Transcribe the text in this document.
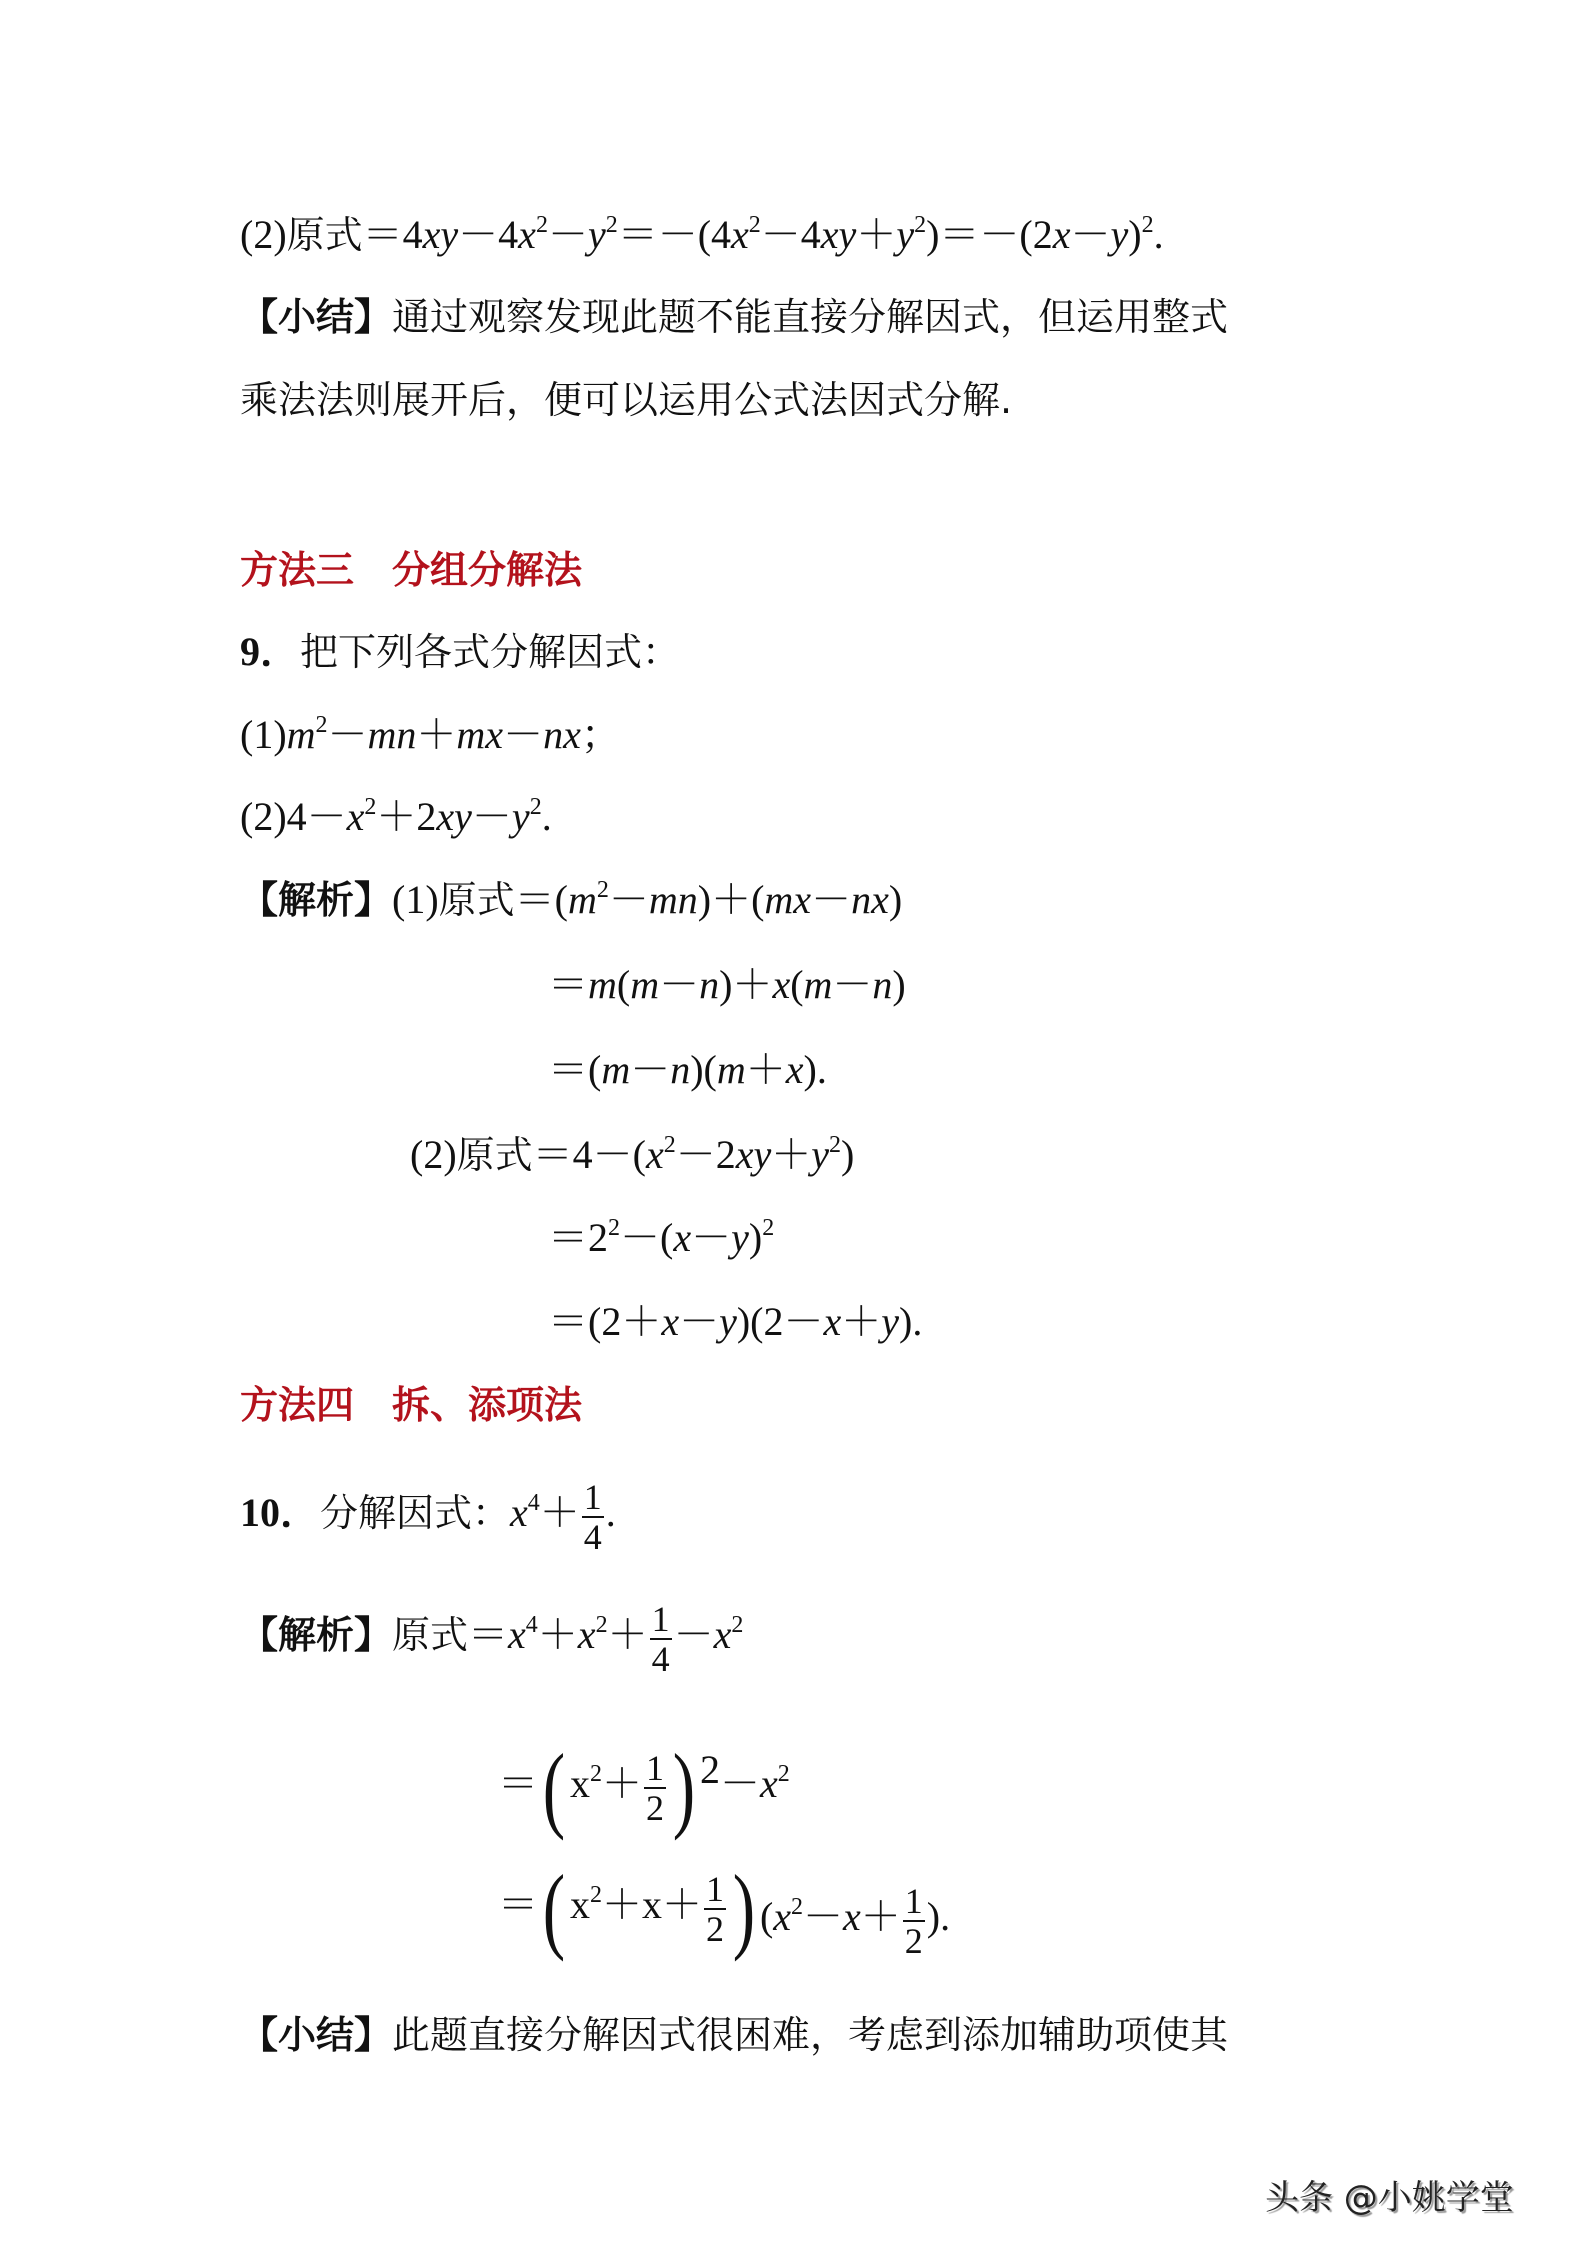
(2)原式$=4xy-4x^2-y^2=-(4x^2-4xy+y^2)=-(2x-y)^2$.
【小结】通过观察发现此题不能直接分解因式，但运用整式
乘法法则展开后，便可以运用公式法因式分解.
方法三　分组分解法
9．把下列各式分解因式：
$(1)m^2-mn+mx-nx$；
$(2)4-x^2+2xy-y^2$.
【解析】(1)原式$=(m^2-mn)+(mx-nx)$
＝m(m－n)＋x(m－n)
＝(m－n)(m＋x).
(2)原式$=4-(x^2-2xy+y^2)$
$=2^2-(x-y)^2$
＝(2＋x－y)(2－x＋y).
方法四　拆、添项法
10．分解因式：$x^4+ \frac{1}{4}$ .
【解析】原式$=x^4+x^2+ \frac{1}{4} -x^2$
＝( $x^2+ \frac{1}{2}$ ) $2-x^2$
＝( $x^2+x+ \frac{1}{2}$ ) ($x^2-x+ \frac{1}{2}$ ).
【小结】此题直接分解因式很困难，考虑到添加辅助项使其
头条 @小姚学堂
